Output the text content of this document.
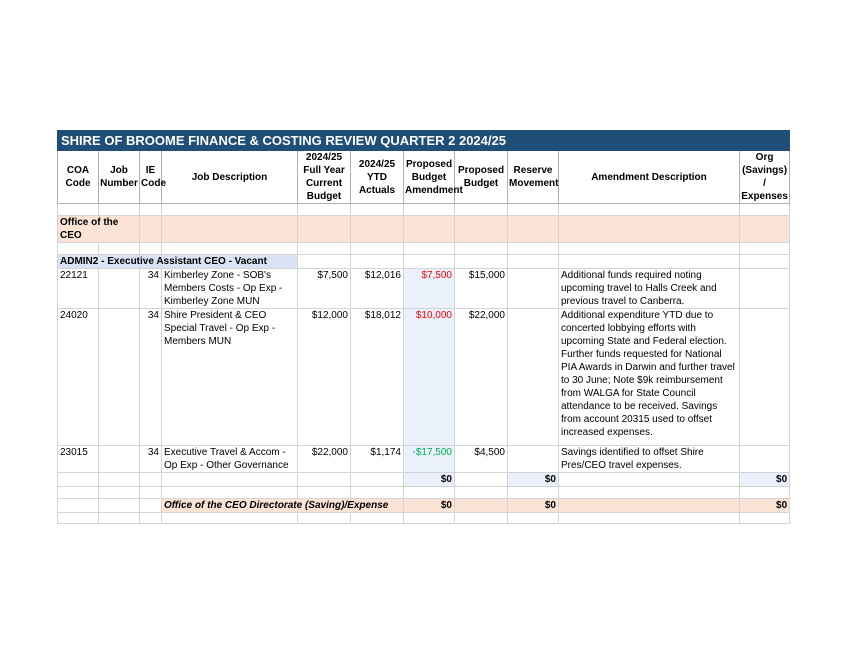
SHIRE OF BROOME FINANCE & COSTING REVIEW QUARTER 2 2024/25										
COA Code	Job Number	IE Code	Job Description	2024/25 Full Year Current Budget	2024/25 YTD Actuals	Proposed Budget Amendment	Proposed Budget	Reserve Movement	Amendment Description	Org (Savings) / Expenses

Office of the CEO										

ADMIN2 - Executive Assistant CEO - Vacant										
22121		34	Kimberley Zone - SOB's Members Costs - Op Exp - Kimberley Zone MUN	$7,500	$12,016	$7,500	$15,000		Additional funds required noting upcoming travel to Halls Creek and previous travel to Canberra.	
24020		34	Shire President & CEO Special Travel - Op Exp - Members MUN	$12,000	$18,012	$10,000	$22,000		Additional expenditure YTD due to concerted lobbying efforts with upcoming State and Federal election. Further funds requested for National PIA Awards in Darwin and further travel to 30 June; Note $9k reimbursement from WALGA for State Council attendance to be received. Savings from account 20315 used to offset increased expenses.	
23015		34	Executive Travel & Accom - Op Exp - Other Governance	$22,000	$1,174	-$17,500	$4,500		Savings identified to offset Shire Pres/CEO travel expenses.	
						$0		$0		$0

			Office of the CEO Directorate (Saving)/Expense			$0		$0		$0
